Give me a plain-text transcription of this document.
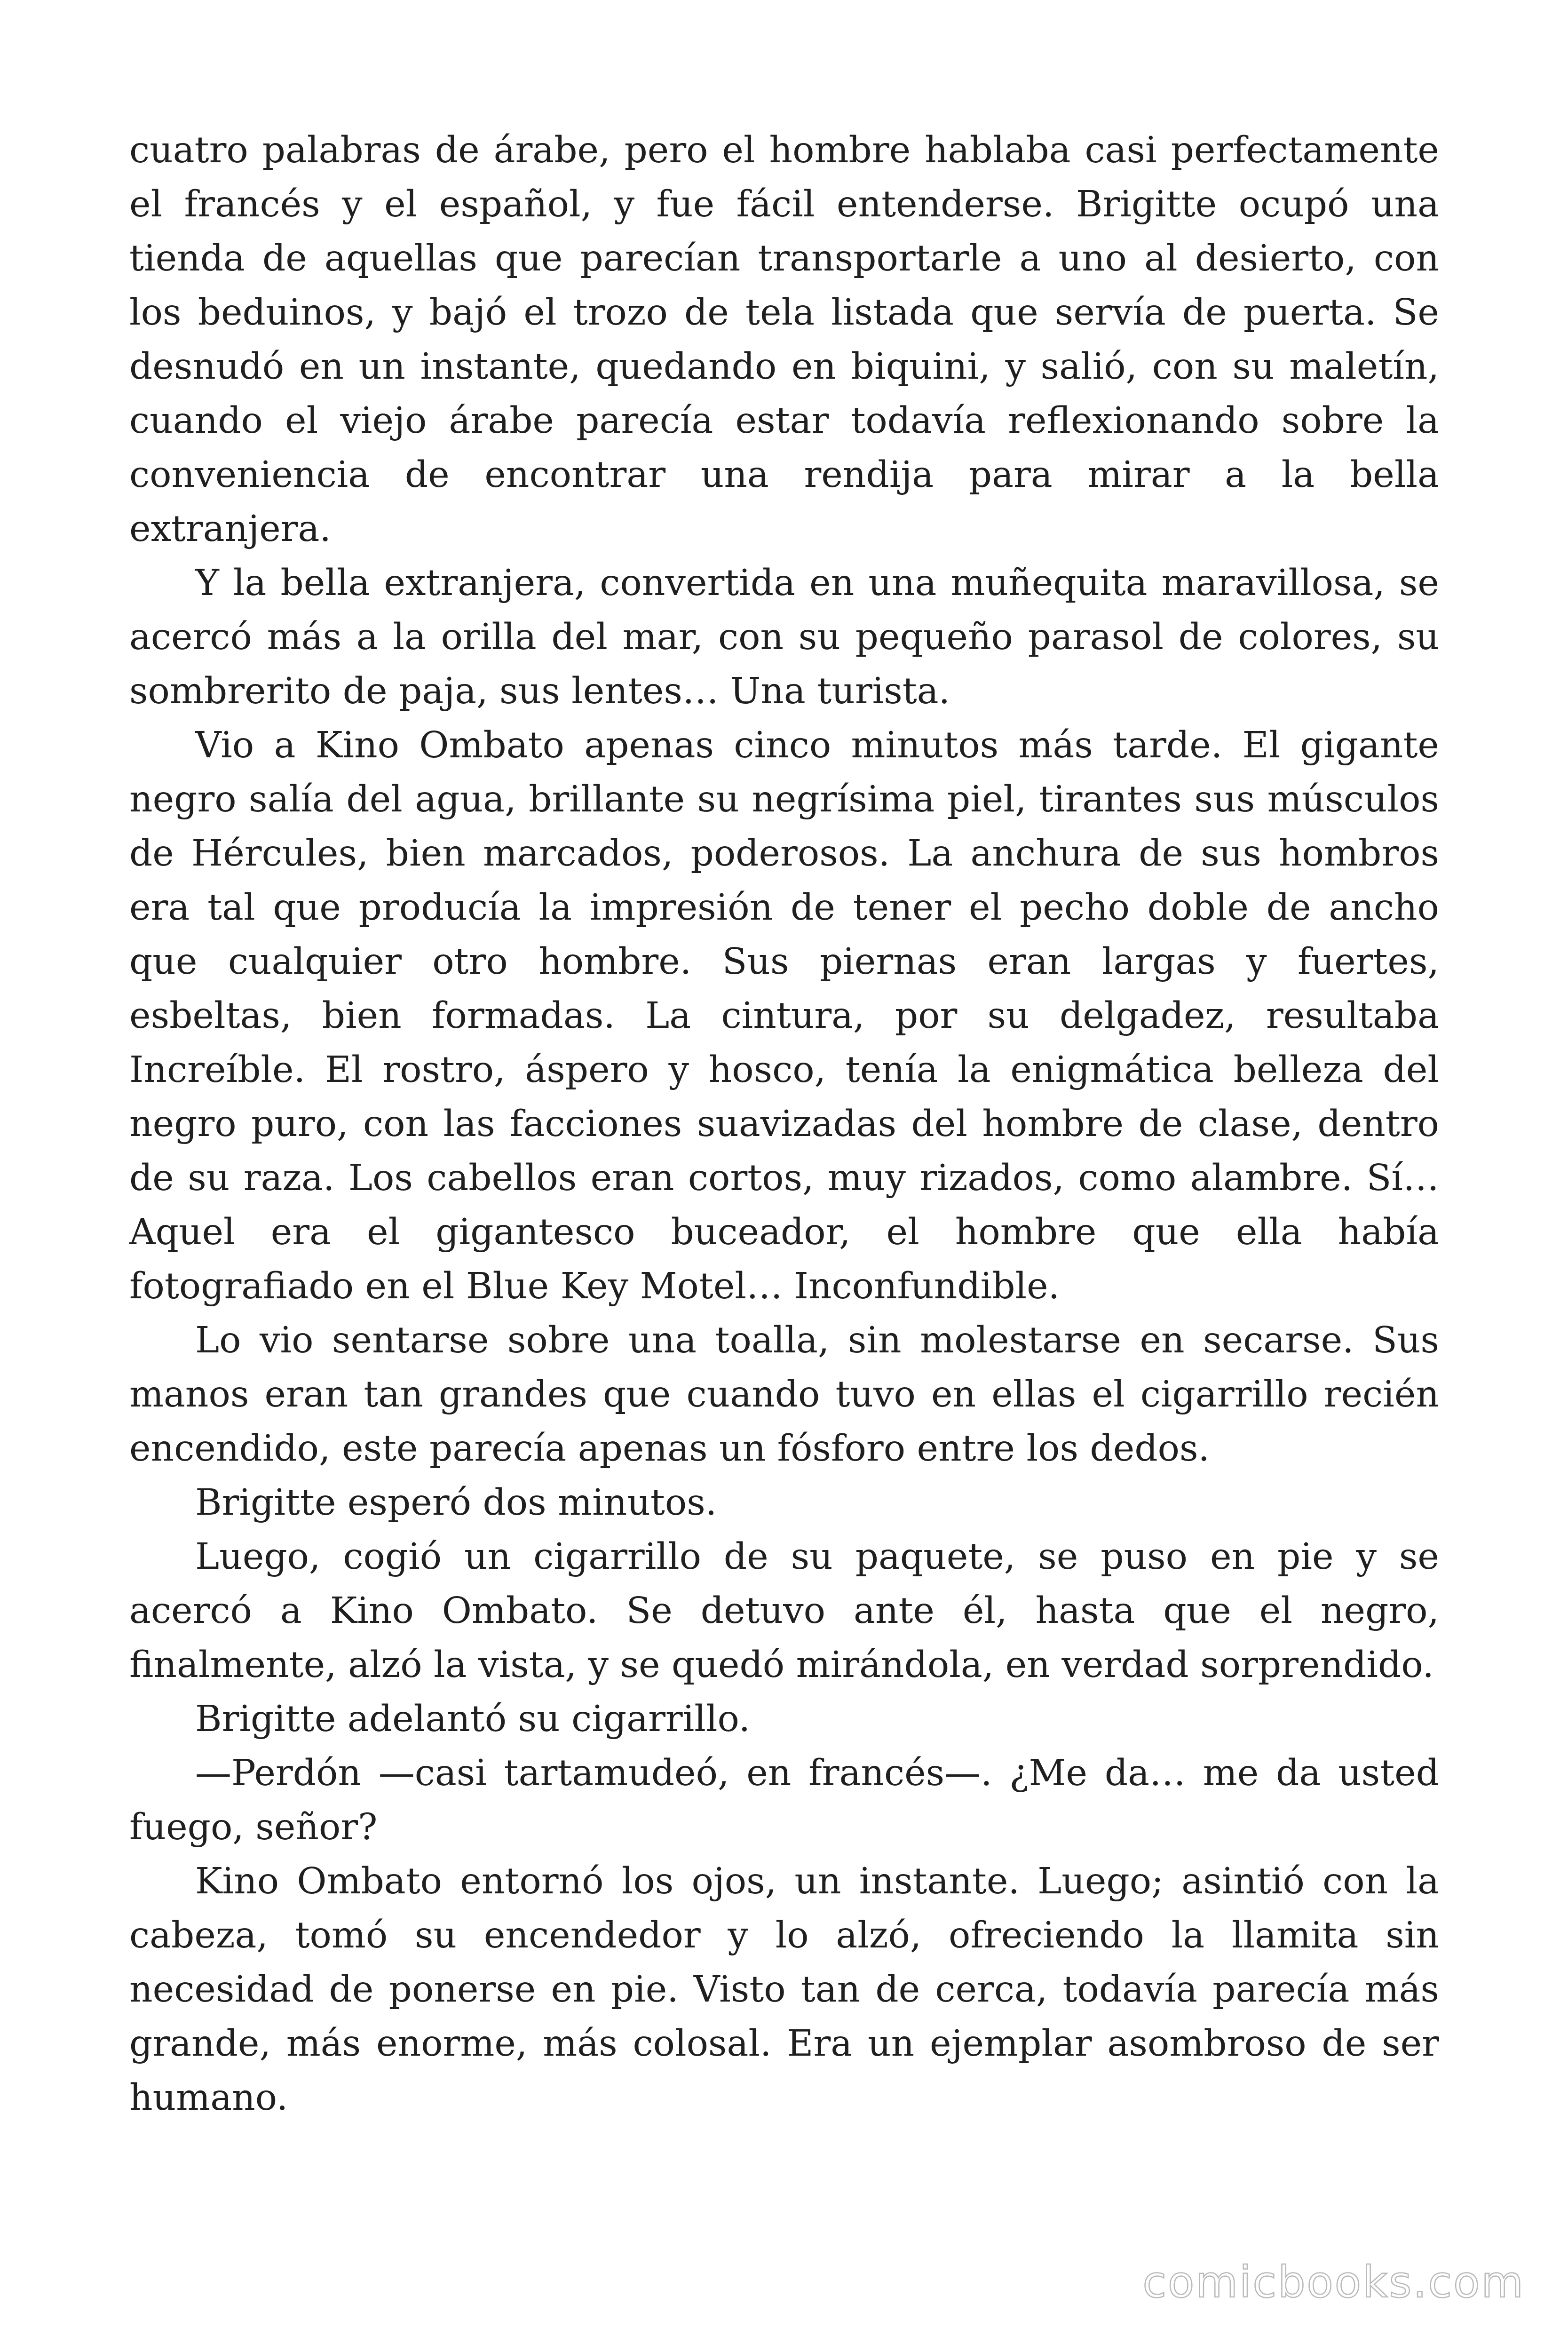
cuatro palabras de árabe, pero el hombre hablaba casi perfectamente el francés y el español, y fue fácil entenderse. Brigitte ocupó una tienda de aquellas que parecían transportarle a uno al desierto, con los beduinos, y bajó el trozo de tela listada que servía de puerta. Se desnudó en un instante, quedando en biquini, y salió, con su maletín, cuando el viejo árabe parecía estar todavía reflexionando sobre la conveniencia de encontrar una rendija para mirar a la bella extranjera.

Y la bella extranjera, convertida en una muñequita maravillosa, se acercó más a la orilla del mar, con su pequeño parasol de colores, su sombrerito de paja, sus lentes… Una turista.

Vio a Kino Ombato apenas cinco minutos más tarde. El gigante negro salía del agua, brillante su negrísima piel, tirantes sus músculos de Hércules, bien marcados, poderosos. La anchura de sus hombros era tal que producía la impresión de tener el pecho doble de ancho que cualquier otro hombre. Sus piernas eran largas y fuertes, esbeltas, bien formadas. La cintura, por su delgadez, resultaba Increíble. El rostro, áspero y hosco, tenía la enigmática belleza del negro puro, con las facciones suavizadas del hombre de clase, dentro de su raza. Los cabellos eran cortos, muy rizados, como alambre. Sí… Aquel era el gigantesco buceador, el hombre que ella había fotografiado en el Blue Key Motel… Inconfundible.

Lo vio sentarse sobre una toalla, sin molestarse en secarse. Sus manos eran tan grandes que cuando tuvo en ellas el cigarrillo recién encendido, este parecía apenas un fósforo entre los dedos.

Brigitte esperó dos minutos.

Luego, cogió un cigarrillo de su paquete, se puso en pie y se acercó a Kino Ombato. Se detuvo ante él, hasta que el negro, finalmente, alzó la vista, y se quedó mirándola, en verdad sorprendido.

Brigitte adelantó su cigarrillo.

—Perdón —casi tartamudeó, en francés—. ¿Me da… me da usted fuego, señor?

Kino Ombato entornó los ojos, un instante. Luego; asintió con la cabeza, tomó su encendedor y lo alzó, ofreciendo la llamita sin necesidad de ponerse en pie. Visto tan de cerca, todavía parecía más grande, más enorme, más colosal. Era un ejemplar asombroso de ser humano.

comicbooks.com
